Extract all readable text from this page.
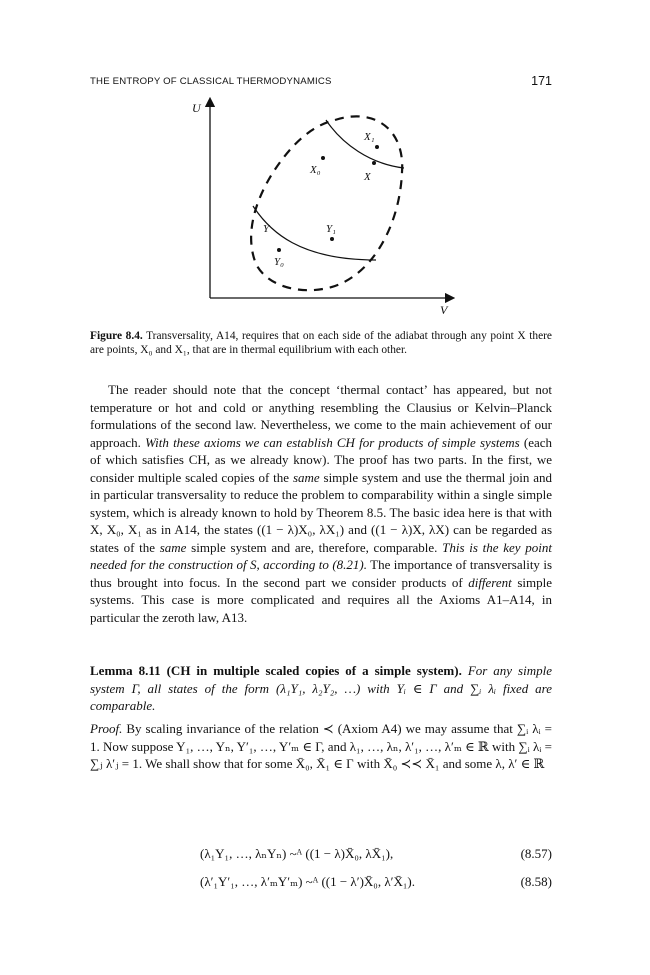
THE ENTROPY OF CLASSICAL THERMODYNAMICS	171
U
V
X₁
X₀
X
Y	Y₁
Y₀
Figure 8.4. Transversality, A14, requires that on each side of the adiabat through any point X there are points, X₀ and X₁, that are in thermal equilibrium with each other.

The reader should note that the concept ‘thermal contact’ has appeared, but not temperature or hot and cold or anything resembling the Clausius or Kelvin–Planck formulations of the second law. Nevertheless, we come to the main achievement of our approach. With these axioms we can establish CH for products of simple systems (each of which satisfies CH, as we already know). The proof has two parts. In the first, we consider multiple scaled copies of the same simple system and use the thermal join and in particular transversality to reduce the problem to comparability within a single simple system, which is already known to hold by Theorem 8.5. The basic idea here is that with X, X₀, X₁ as in A14, the states ((1 − λ)X₀, λX₁) and ((1 − λ)X, λX) can be regarded as states of the same simple system and are, therefore, comparable. This is the key point needed for the construction of S, according to (8.21). The importance of transversality is thus brought into focus. In the second part we consider products of different simple systems. This case is more complicated and requires all the Axioms A1–A14, in particular the zeroth law, A13.

Lemma 8.11 (CH in multiple scaled copies of a simple system). For any simple system Γ, all states of the form (λ₁Y₁, λ₂Y₂, …) with Yᵢ ∈ Γ and ∑ᵢ λᵢ fixed are comparable.
Proof. By scaling invariance of the relation ≺ (Axiom A4) we may assume that ∑ᵢ λᵢ = 1. Now suppose Y₁, …, Yₙ, Y′₁, …, Y′ₘ ∈ Γ, and λ₁, …, λₙ, λ′₁, …, λ′ₘ ∈ ℝ with ∑ᵢ λᵢ = ∑ⱼ λ′ⱼ = 1. We shall show that for some X̄₀, X̄₁ ∈ Γ with X̄₀ ≺≺ X̄₁ and some λ, λ′ ∈ ℝ
(λ₁Y₁, …, λₙYₙ) ~ᴬ ((1 − λ)X̄₀, λX̄₁),	(8.57)
(λ′₁Y′₁, …, λ′ₘY′ₘ) ~ᴬ ((1 − λ′)X̄₀, λ′X̄₁).	(8.58)
